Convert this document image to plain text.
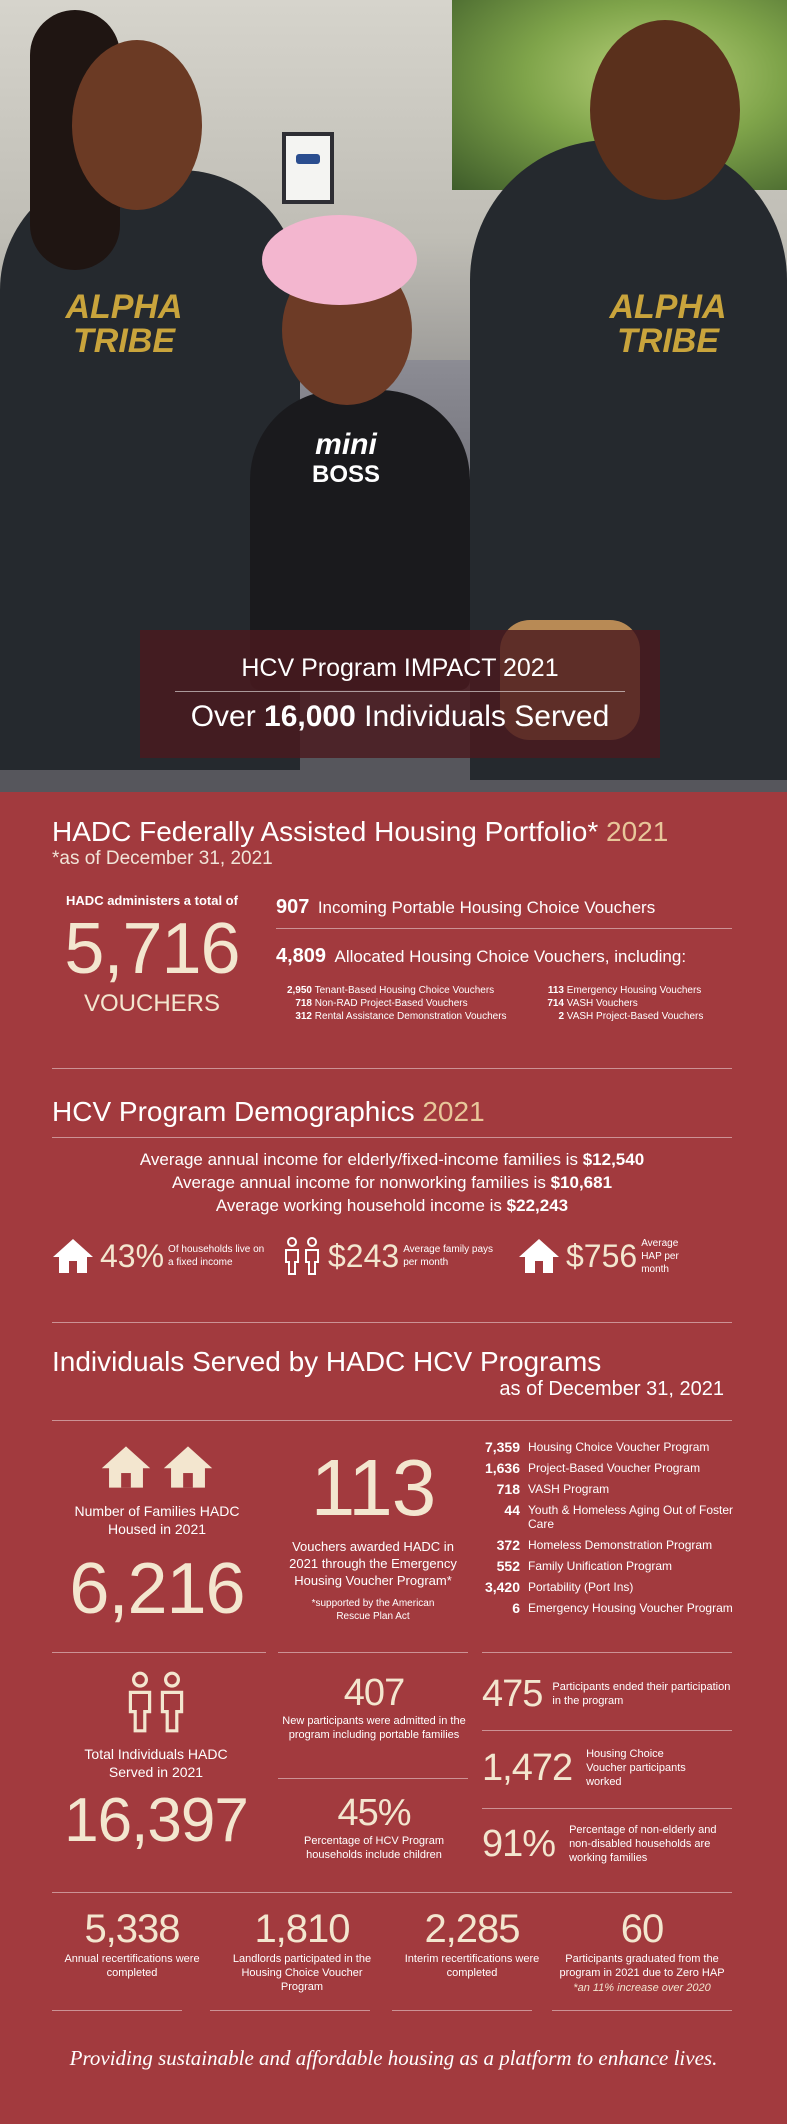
ALPHA TRIBE
ALPHA TRIBE
mini
BOSS
HCV Program IMPACT 2021
Over 16,000 Individuals Served
HADC Federally Assisted Housing Portfolio* 2021
*as of December 31, 2021
HADC administers a total of
5,716
VOUCHERS
907 Incoming Portable Housing Choice Vouchers
4,809 Allocated Housing Choice Vouchers, including:
2,950 Tenant-Based Housing Choice Vouchers
718 Non-RAD Project-Based Vouchers
312 Rental Assistance Demonstration Vouchers
113 Emergency Housing Vouchers
714 VASH Vouchers
2 VASH Project-Based Vouchers
HCV Program Demographics 2021
Average annual income for elderly/fixed-income families is $12,540
Average annual income for nonworking families is $10,681
Average working household income is $22,243
43% Of households live on a fixed income	$243 Average family pays per month	$756 Average HAP per month
Individuals Served by HADC HCV Programs
as of December 31, 2021
Number of Families HADC Housed in 2021
6,216
113
Vouchers awarded HADC in 2021 through the Emergency Housing Voucher Program*
*supported by the American Rescue Plan Act
7,359 Housing Choice Voucher Program
1,636 Project-Based Voucher Program
718 VASH Program
44 Youth & Homeless Aging Out of Foster Care
372 Homeless Demonstration Program
552 Family Unification Program
3,420 Portability (Port Ins)
6 Emergency Housing Voucher Program
Total Individuals HADC Served in 2021
16,397
407
New participants were admitted in the program including portable families
45%
Percentage of HCV Program households include children
475 Participants ended their participation in the program
1,472 Housing Choice Voucher participants worked
91% Percentage of non-elderly and non-disabled households are working families
5,338
Annual recertifications were completed
1,810
Landlords participated in the Housing Choice Voucher Program
2,285
Interim recertifications were completed
60
Participants graduated from the program in 2021 due to Zero HAP
*an 11% increase over 2020
Providing sustainable and affordable housing as a platform to enhance lives.
